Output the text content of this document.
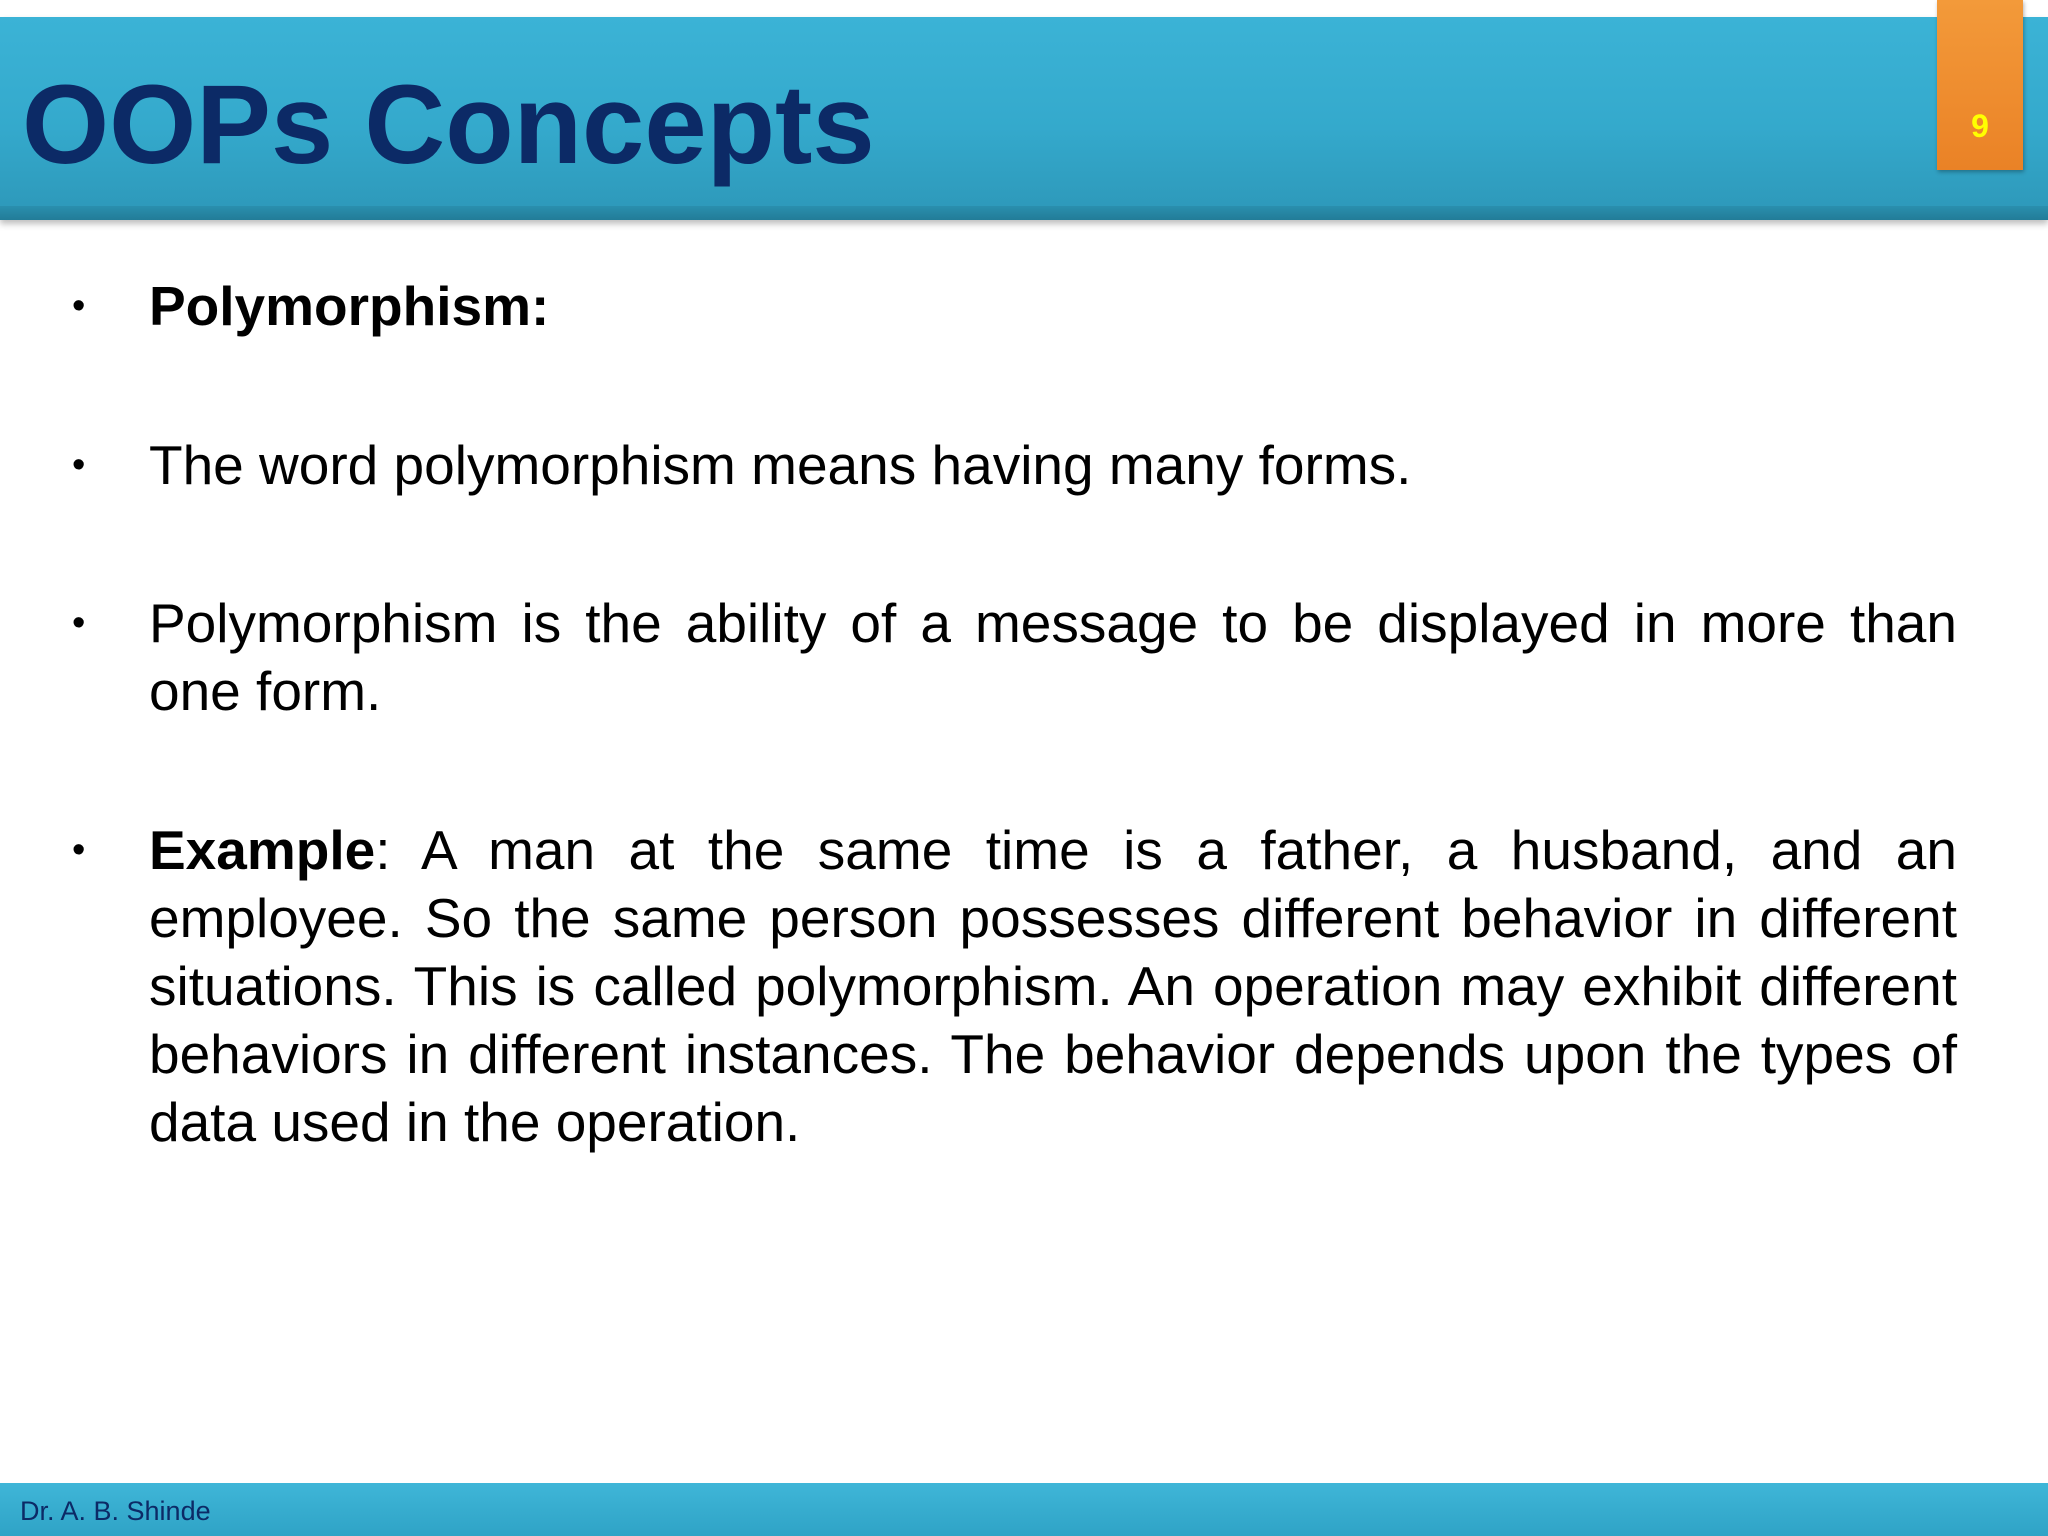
OOPs Concepts	9
• Polymorphism:

• The word polymorphism means having many forms.

• Polymorphism is the ability of a message to be displayed in more than one form.

• Example: A man at the same time is a father, a husband, and an employee. So the same person possesses different behavior in different situations. This is called polymorphism. An operation may exhibit different behaviors in different instances. The behavior depends upon the types of data used in the operation.

Dr. A. B. Shinde
